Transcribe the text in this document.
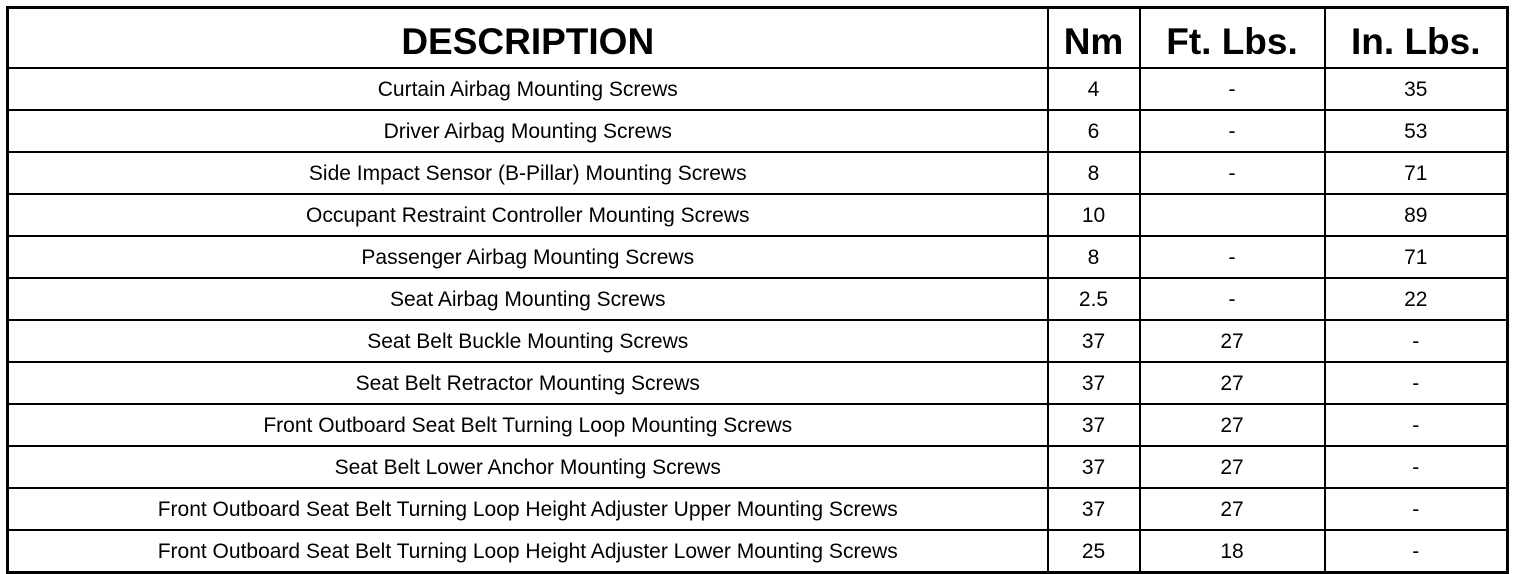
DESCRIPTION	Nm	Ft. Lbs.	In. Lbs.
Curtain Airbag Mounting Screws	4	-	35
Driver Airbag Mounting Screws	6	-	53
Side Impact Sensor (B-Pillar) Mounting Screws	8	-	71
Occupant Restraint Controller Mounting Screws	10		89
Passenger Airbag Mounting Screws	8	-	71
Seat Airbag Mounting Screws	2.5	-	22
Seat Belt Buckle Mounting Screws	37	27	-
Seat Belt Retractor Mounting Screws	37	27	-
Front Outboard Seat Belt Turning Loop Mounting Screws	37	27	-
Seat Belt Lower Anchor Mounting Screws	37	27	-
Front Outboard Seat Belt Turning Loop Height Adjuster Upper Mounting Screws	37	27	-
Front Outboard Seat Belt Turning Loop Height Adjuster Lower Mounting Screws	25	18	-
